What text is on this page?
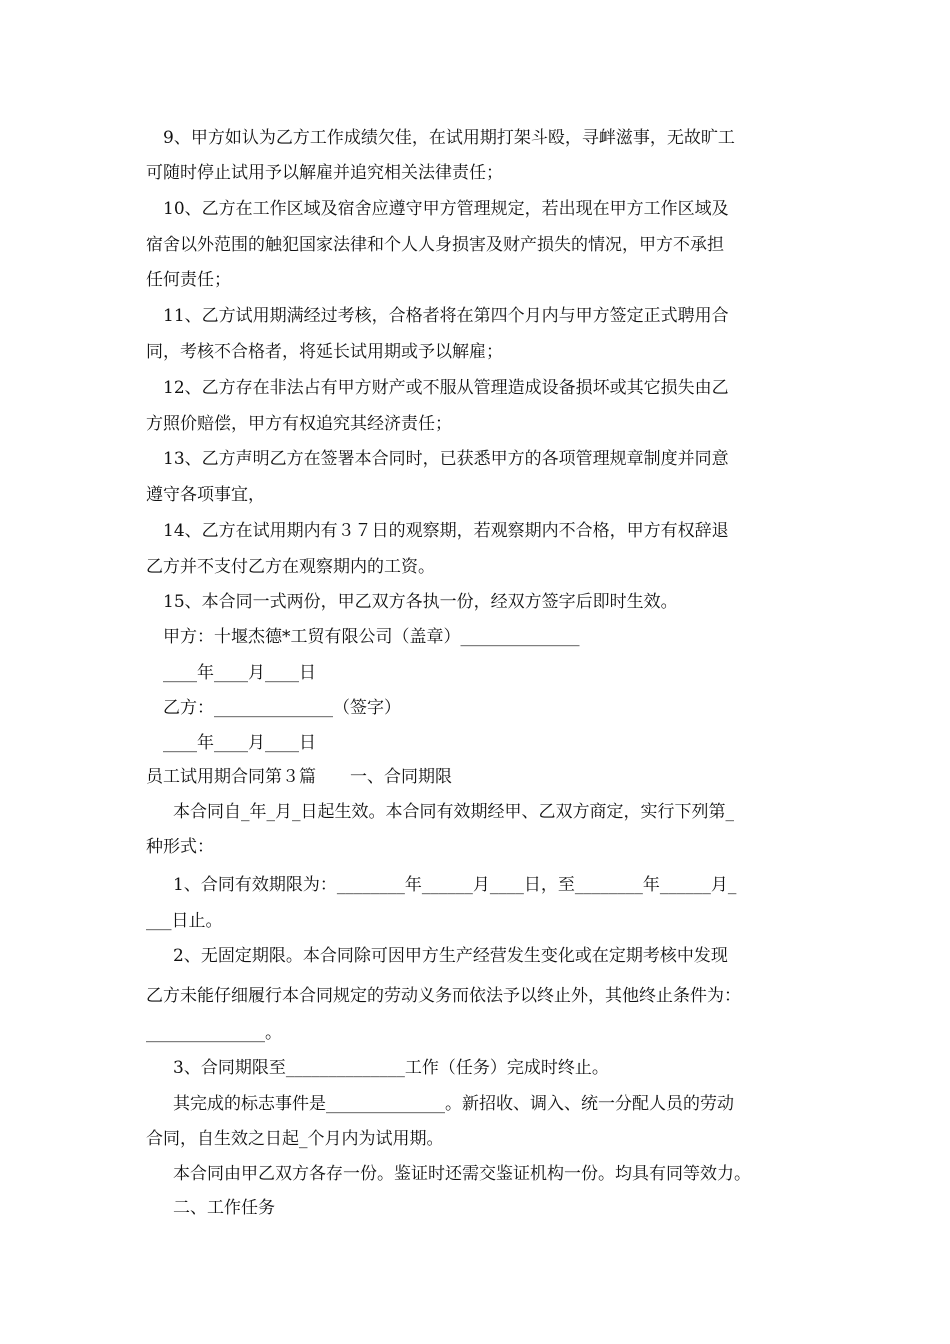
9、甲方如认为乙方工作成绩欠佳，在试用期打架斗殴，寻衅滋事，无故旷工
可随时停止试用予以解雇并追究相关法律责任；
10、乙方在工作区域及宿舍应遵守甲方管理规定，若出现在甲方工作区域及
宿舍以外范围的触犯国家法律和个人人身损害及财产损失的情况，甲方不承担
任何责任；
11、乙方试用期满经过考核，合格者将在第四个月内与甲方签定正式聘用合
同，考核不合格者，将延长试用期或予以解雇；
12、乙方存在非法占有甲方财产或不服从管理造成设备损坏或其它损失由乙
方照价赔偿，甲方有权追究其经济责任；
13、乙方声明乙方在签署本合同时，已获悉甲方的各项管理规章制度并同意
遵守各项事宜，
14、乙方在试用期内有３７日的观察期，若观察期内不合格，甲方有权辞退
乙方并不支付乙方在观察期内的工资。
15、本合同一式两份，甲乙双方各执一份，经双方签字后即时生效。
甲方：十堰杰德*工贸有限公司（盖章）______________
____年____月____日
乙方：______________（签字）
____年____月____日
员工试用期合同第３篇　　一、合同期限
本合同自_年_月_日起生效。本合同有效期经甲、乙双方商定，实行下列第_
种形式：
1、合同有效期限为：________年______月____日，至________年______月_
___日止。
2、无固定期限。本合同除可因甲方生产经营发生变化或在定期考核中发现
乙方未能仔细履行本合同规定的劳动义务而依法予以终止外，其他终止条件为：
______________。
3、合同期限至______________工作（任务）完成时终止。
其完成的标志事件是______________。新招收、调入、统一分配人员的劳动
合同，自生效之日起_个月内为试用期。
本合同由甲乙双方各存一份。鉴证时还需交鉴证机构一份。均具有同等效力。
二、工作任务
